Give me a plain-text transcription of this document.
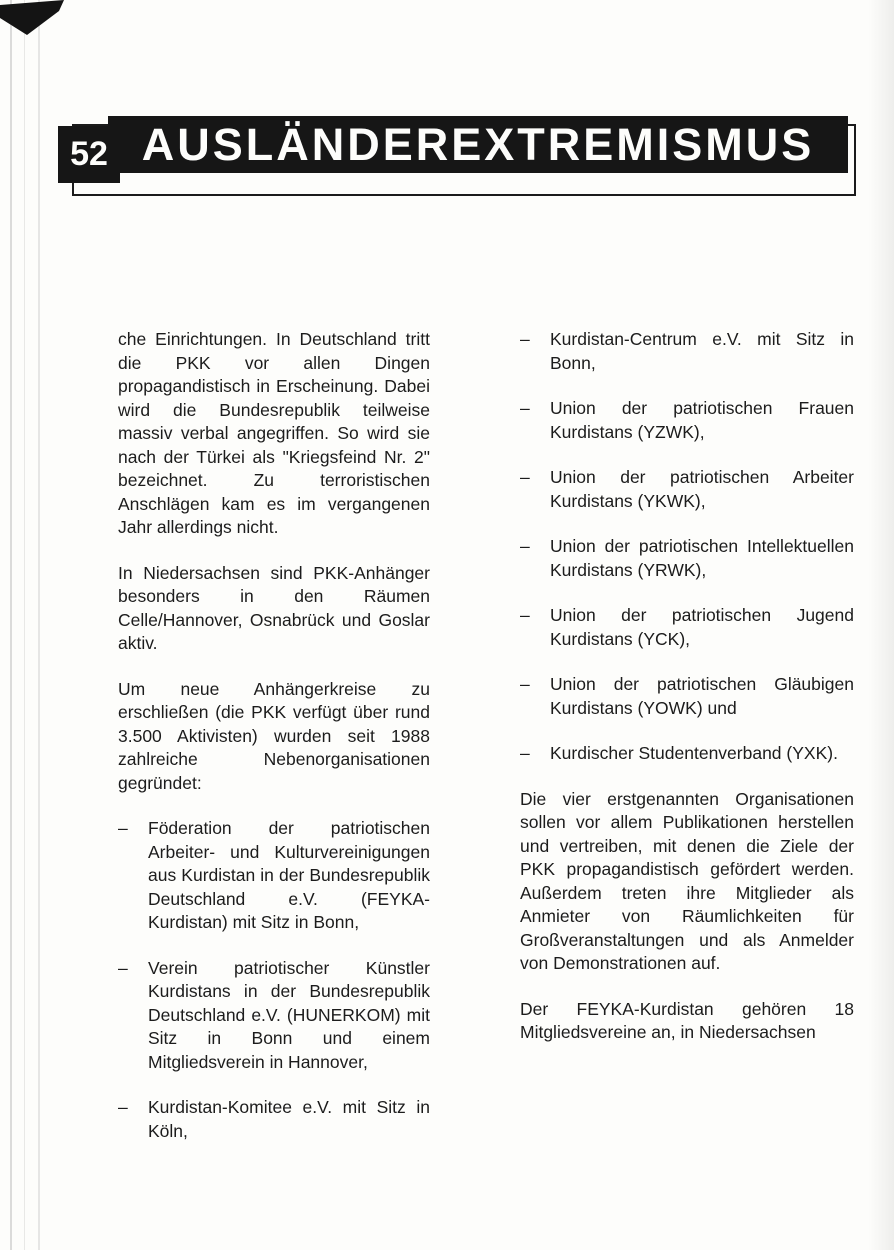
AUSLÄNDEREXTREMISMUS
52

che Einrichtungen. In Deutschland tritt die PKK vor allen Dingen propagandistisch in Erscheinung. Dabei wird die Bundesrepublik teilweise massiv verbal angegriffen. So wird sie nach der Türkei als "Kriegsfeind Nr. 2" bezeichnet. Zu terroristischen Anschlägen kam es im vergangenen Jahr allerdings nicht.

In Niedersachsen sind PKK-Anhänger besonders in den Räumen Celle/Hannover, Osnabrück und Goslar aktiv.

Um neue Anhängerkreise zu erschließen (die PKK verfügt über rund 3.500 Aktivisten) wurden seit 1988 zahlreiche Nebenorganisationen gegründet:

–	Föderation der patriotischen Arbeiter- und Kulturvereinigungen aus Kurdistan in der Bundesrepublik Deutschland e.V. (FEYKA-Kurdistan) mit Sitz in Bonn,
–	Verein patriotischer Künstler Kurdistans in der Bundesrepublik Deutschland e.V. (HUNERKOM) mit Sitz in Bonn und einem Mitgliedsverein in Hannover,
–	Kurdistan-Komitee e.V. mit Sitz in Köln,
–	Kurdistan-Centrum e.V. mit Sitz in Bonn,
–	Union der patriotischen Frauen Kurdistans (YZWK),
–	Union der patriotischen Arbeiter Kurdistans (YKWK),
–	Union der patriotischen Intellektuellen Kurdistans (YRWK),
–	Union der patriotischen Jugend Kurdistans (YCK),
–	Union der patriotischen Gläubigen Kurdistans (YOWK) und
–	Kurdischer Studentenverband (YXK).

Die vier erstgenannten Organisationen sollen vor allem Publikationen herstellen und vertreiben, mit denen die Ziele der PKK propagandistisch gefördert werden. Außerdem treten ihre Mitglieder als Anmieter von Räumlichkeiten für Großveranstaltungen und als Anmelder von Demonstrationen auf.

Der FEYKA-Kurdistan gehören 18 Mitgliedsvereine an, in Niedersachsen
